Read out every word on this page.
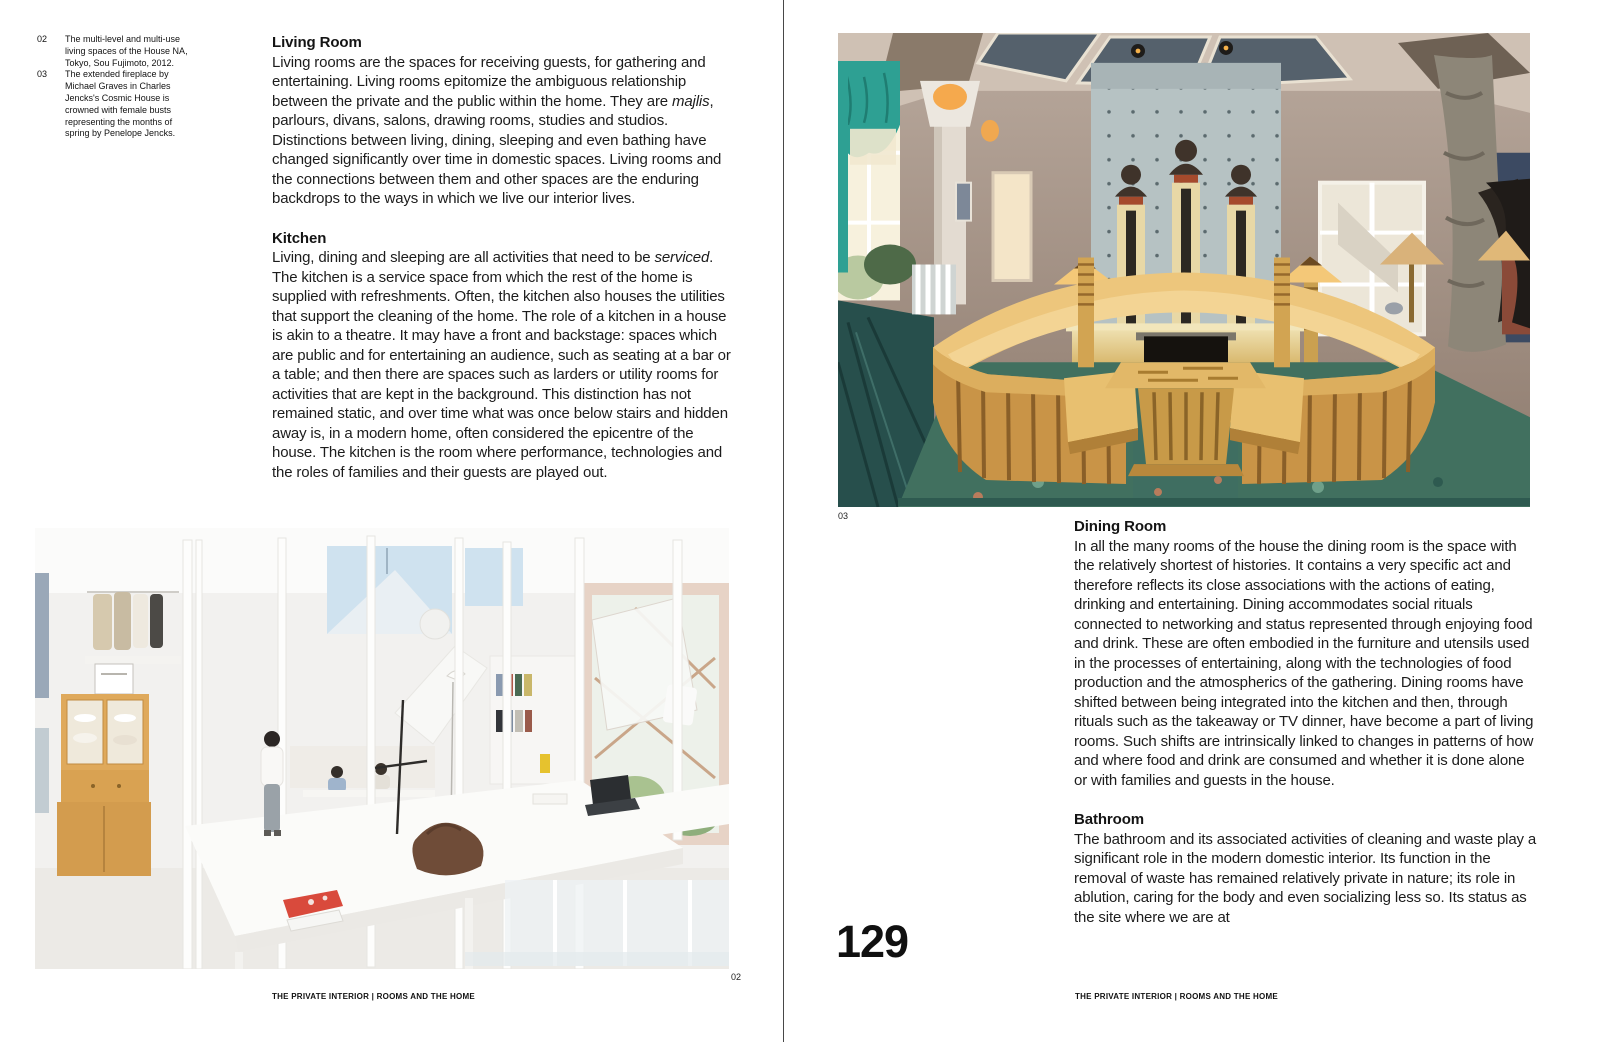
02	The multi-level and multi-use living spaces of the House NA, Tokyo, Sou Fujimoto, 2012.
03	The extended fireplace by Michael Graves in Charles Jencks's Cosmic House is crowned with female busts representing the months of spring by Penelope Jencks.
Living Room

Living rooms are the spaces for receiving guests, for gathering and entertaining. Living rooms epitomize the ambiguous relationship between the private and the public within the home. They are majlis, parlours, divans, salons, drawing rooms, studies and studios. Distinctions between living, dining, sleeping and even bathing have changed significantly over time in domestic spaces. Living rooms and the connections between them and other spaces are the enduring backdrops to the ways in which we live our interior lives.

Kitchen

Living, dining and sleeping are all activities that need to be serviced. The kitchen is a service space from which the rest of the home is supplied with refreshments. Often, the kitchen also houses the utilities that support the cleaning of the home. The role of a kitchen in a house is akin to a theatre. It may have a front and backstage: spaces which are public and for entertaining an audience, such as seating at a bar or a table; and then there are spaces such as larders or utility rooms for activities that are kept in the background. This distinction has not remained static, and over time what was once below stairs and hidden away is, in a modern home, often considered the epicentre of the house. The kitchen is the room where performance, technologies and the roles of families and their guests are played out.

02
THE PRIVATE INTERIOR | ROOMS AND THE HOME
03
Dining Room

In all the many rooms of the house the dining room is the space with the relatively shortest of histories. It contains a very specific act and therefore reflects its close associations with the actions of eating, drinking and entertaining. Dining accommodates social rituals connected to networking and status represented through enjoying food and drink. These are often embodied in the furniture and utensils used in the processes of entertaining, along with the technologies of food production and the atmospherics of the gathering. Dining rooms have shifted between being integrated into the kitchen and then, through rituals such as the takeaway or TV dinner, have become a part of living rooms. Such shifts are intrinsically linked to changes in patterns of how and where food and drink are consumed and whether it is done alone or with families and guests in the house.

Bathroom

The bathroom and its associated activities of cleaning and waste play a significant role in the modern domestic interior. Its function in the removal of waste has remained relatively private in nature; its role in ablution, caring for the body and even socializing less so. Its status as the site where we are at

129
THE PRIVATE INTERIOR | ROOMS AND THE HOME
